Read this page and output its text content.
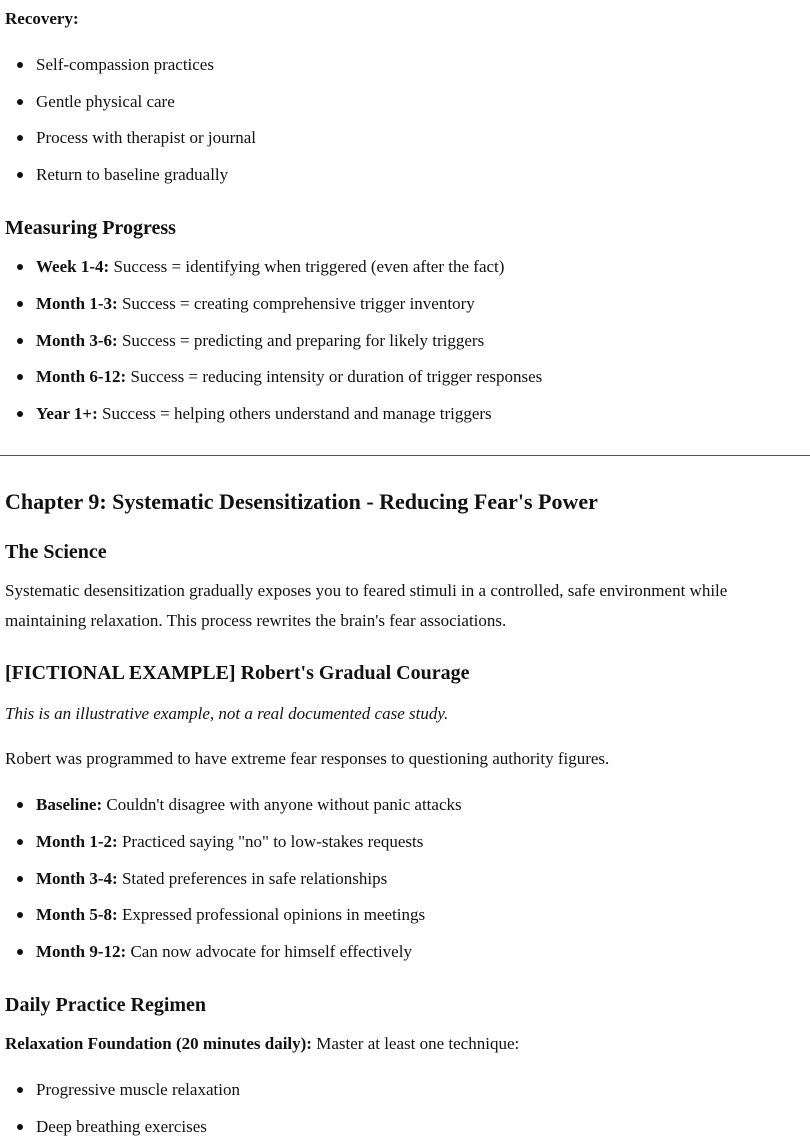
Recovery:

Self-compassion practices
Gentle physical care
Process with therapist or journal
Return to baseline gradually
Measuring Progress
Week 1-4: Success = identifying when triggered (even after the fact)
Month 1-3: Success = creating comprehensive trigger inventory
Month 3-6: Success = predicting and preparing for likely triggers
Month 6-12: Success = reducing intensity or duration of trigger responses
Year 1+: Success = helping others understand and manage triggers
Chapter 9: Systematic Desensitization - Reducing Fear's Power
The Science

Systematic desensitization gradually exposes you to feared stimuli in a controlled, safe environment while

maintaining relaxation. This process rewrites the brain's fear associations.

[FICTIONAL EXAMPLE] Robert's Gradual Courage

This is an illustrative example, not a real documented case study.

Robert was programmed to have extreme fear responses to questioning authority figures.

Baseline: Couldn't disagree with anyone without panic attacks
Month 1-2: Practiced saying "no" to low-stakes requests
Month 3-4: Stated preferences in safe relationships
Month 5-8: Expressed professional opinions in meetings
Month 9-12: Can now advocate for himself effectively
Daily Practice Regimen

Relaxation Foundation (20 minutes daily): Master at least one technique:

Progressive muscle relaxation
Deep breathing exercises
